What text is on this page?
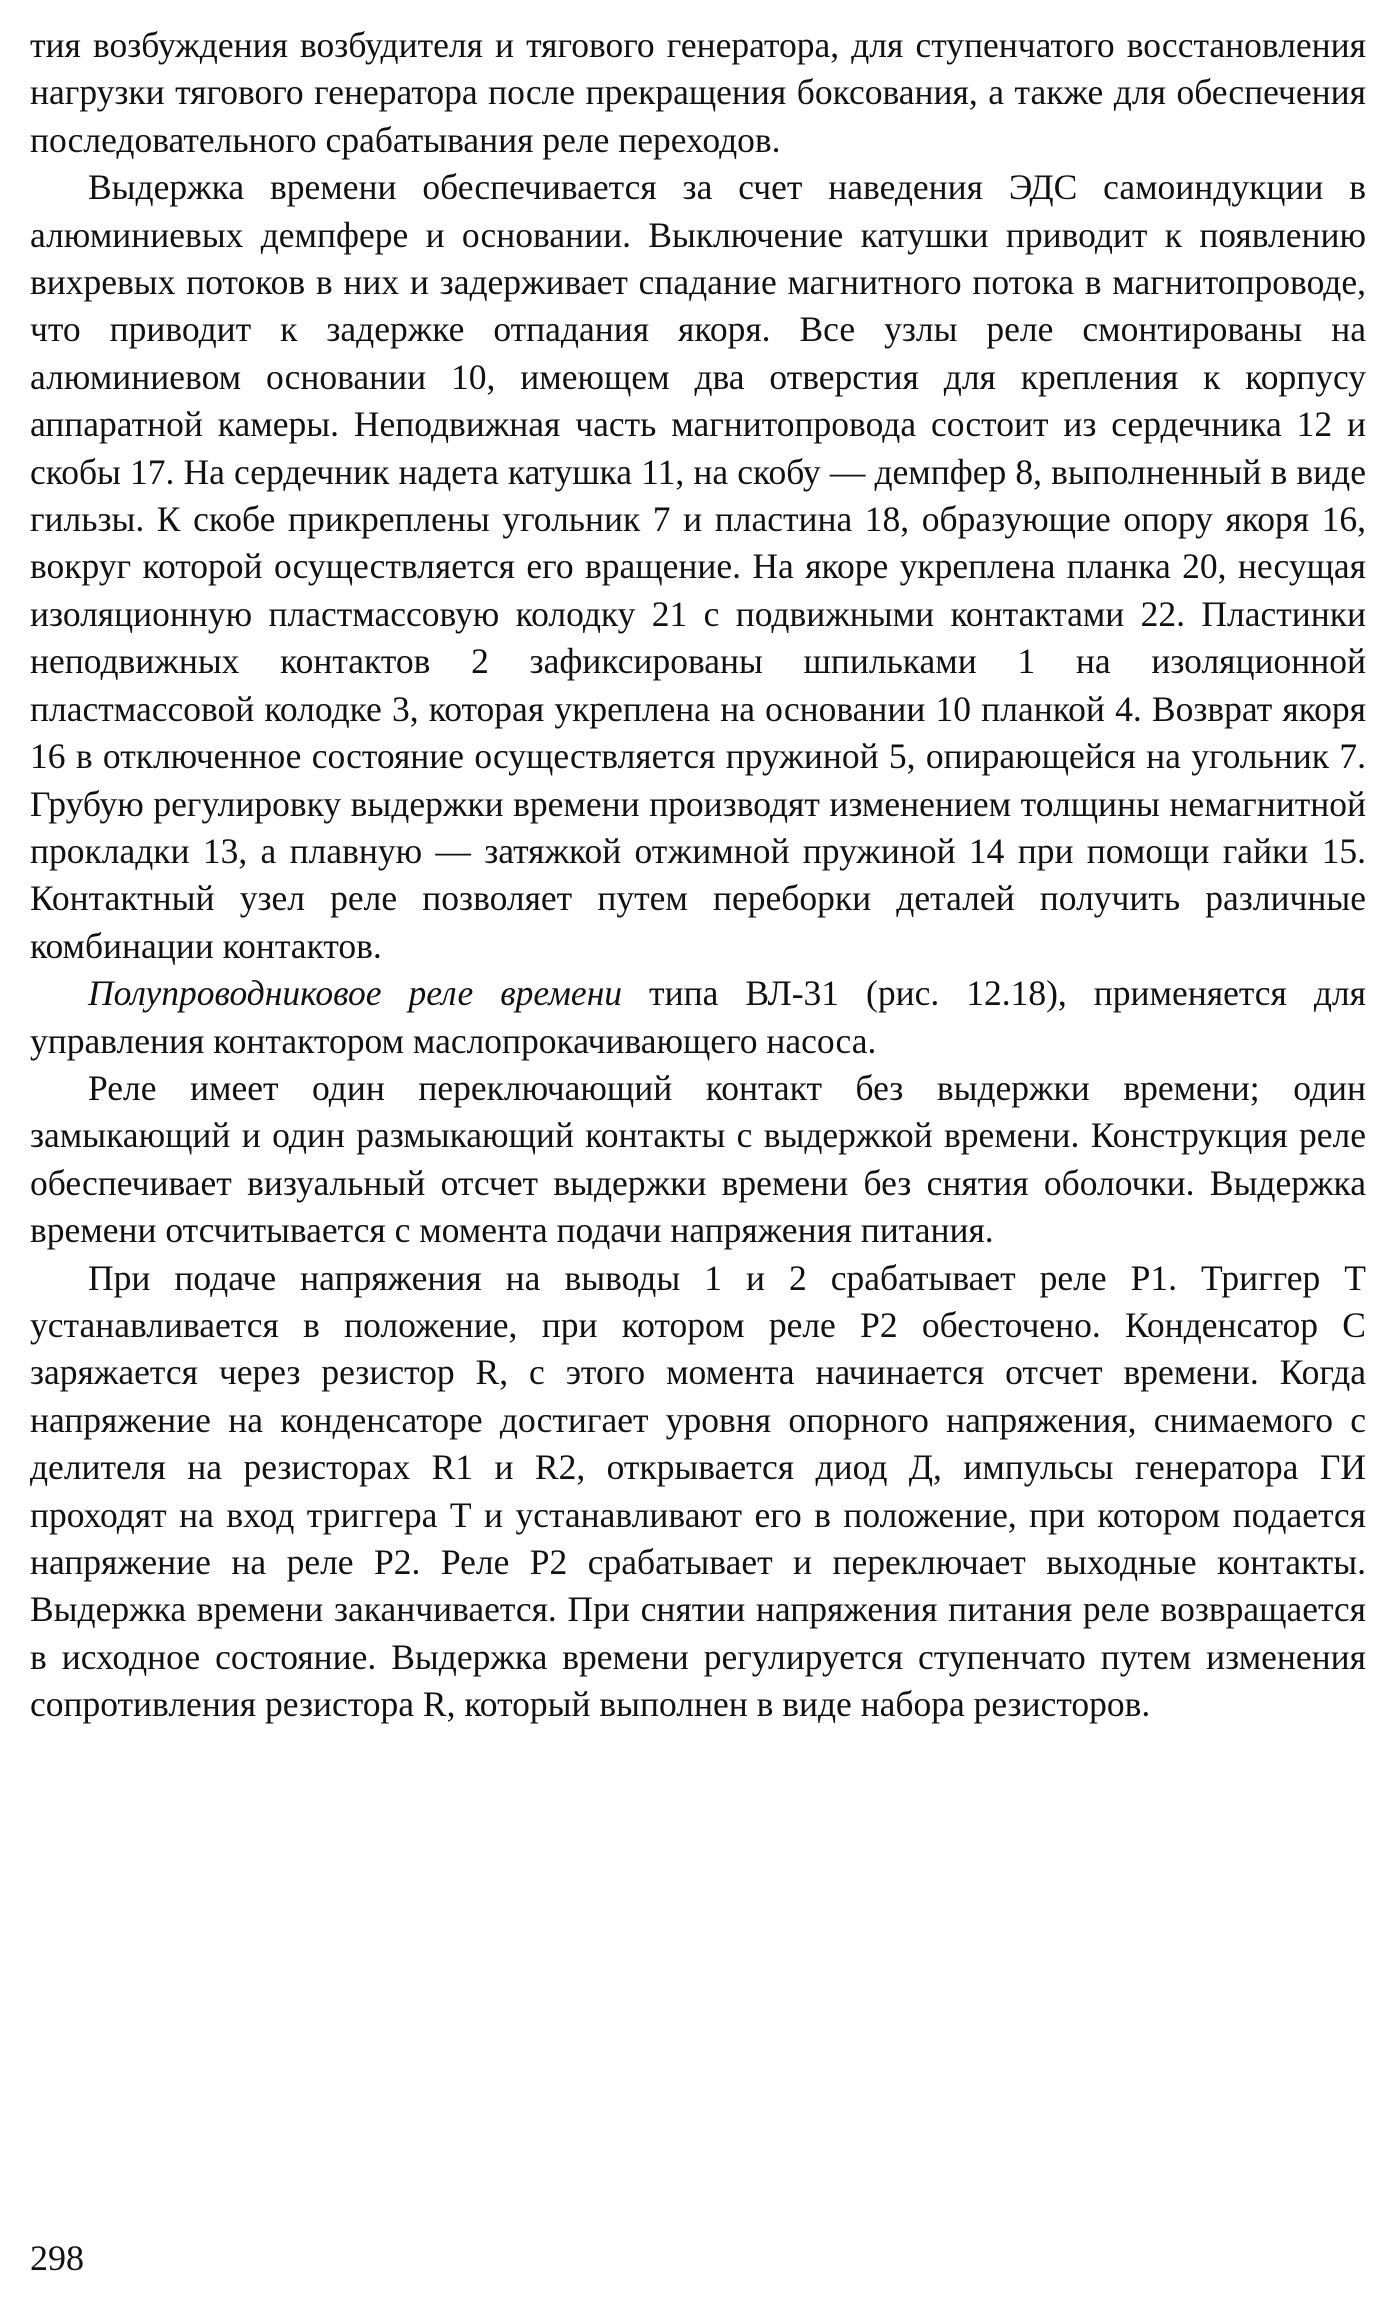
тия возбуждения возбудителя и тягового генератора, для ступенчатого восстановления нагрузки тягового генератора после прекращения боксования, а также для обеспечения последовательного срабатывания реле переходов.

Выдержка времени обеспечивается за счет наведения ЭДС самоиндукции в алюминиевых демпфере и основании. Выключение катушки приводит к появлению вихревых потоков в них и задерживает спадание магнитного потока в магнитопроводе, что приводит к задержке отпадания якоря. Все узлы реле смонтированы на алюминиевом основании 10, имеющем два отверстия для крепления к корпусу аппаратной камеры. Неподвижная часть магнитопровода состоит из сердечника 12 и скобы 17. На сердечник надета катушка 11, на скобу — демпфер 8, выполненный в виде гильзы. К скобе прикреплены угольник 7 и пластина 18, образующие опору якоря 16, вокруг которой осуществляется его вращение. На якоре укреплена планка 20, несущая изоляционную пластмассовую колодку 21 с подвижными контактами 22. Пластинки неподвижных контактов 2 зафиксированы шпильками 1 на изоляционной пластмассовой колодке 3, которая укреплена на основании 10 планкой 4. Возврат якоря 16 в отключенное состояние осуществляется пружиной 5, опирающейся на угольник 7. Грубую регулировку выдержки времени производят изменением толщины немагнитной прокладки 13, а плавную — затяжкой отжимной пружиной 14 при помощи гайки 15. Контактный узел реле позволяет путем переборки деталей получить различные комбинации контактов.

Полупроводниковое реле времени типа ВЛ-31 (рис. 12.18), применяется для управления контактором маслопрокачивающего насоса.

Реле имеет один переключающий контакт без выдержки времени; один замыкающий и один размыкающий контакты с выдержкой времени. Конструкция реле обеспечивает визуальный отсчет выдержки времени без снятия оболочки. Выдержка времени отсчитывается с момента подачи напряжения питания.

При подаче напряжения на выводы 1 и 2 срабатывает реле Р1. Триггер Т устанавливается в положение, при котором реле Р2 обесточено. Конденсатор С заряжается через резистор R, с этого момента начинается отсчет времени. Когда напряжение на конденсаторе достигает уровня опорного напряжения, снимаемого с делителя на резисторах R1 и R2, открывается диод Д, импульсы генератора ГИ проходят на вход триггера Т и устанавливают его в положение, при котором подается напряжение на реле Р2. Реле Р2 срабатывает и переключает выходные контакты. Выдержка времени заканчивается. При снятии напряжения питания реле возвращается в исходное состояние. Выдержка времени регулируется ступенчато путем изменения сопротивления резистора R, который выполнен в виде набора резисторов.

298
